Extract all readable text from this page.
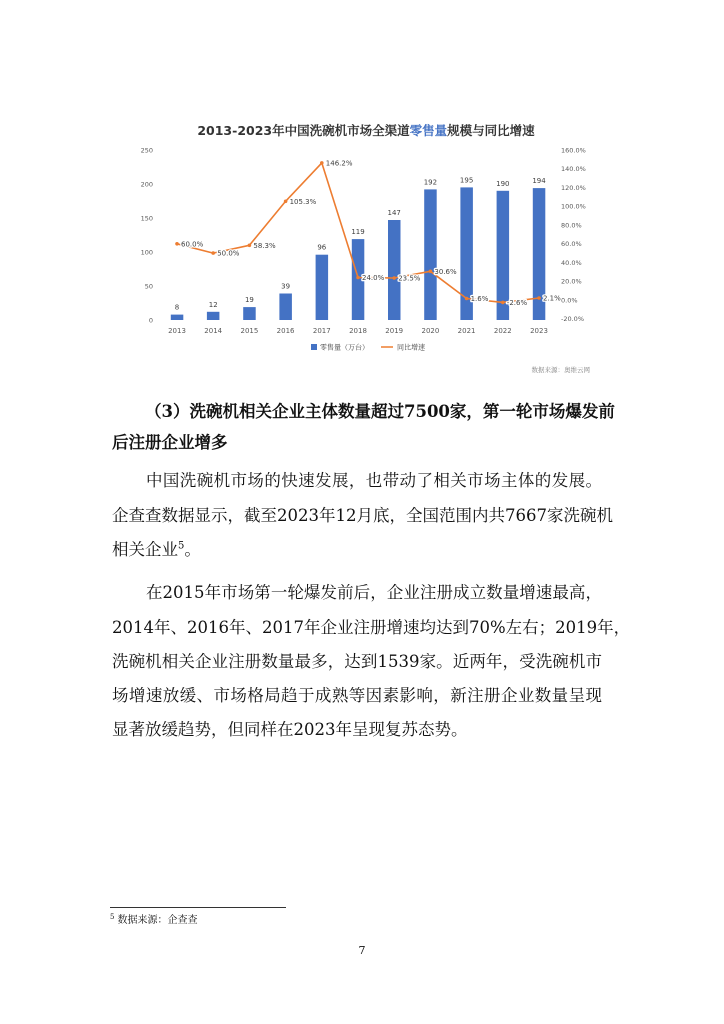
2013-2023年中国洗碗机市场全渠道零售量规模与同比增速
0
50
100
150
200
250
-20.0%
0.0%
20.0%
40.0%
60.0%
80.0%
100.0%
120.0%
140.0%
160.0%
2013	2014	2015	2016	2017	2018	2019	2020	2021	2022	2023
8	12
19
39
96
119
147
192	195	190	194
60.0%
50.0%
58.3%
105.3%
146.2%
24.0% 23.5%
30.6%
1.6%	-2.6%
2.1%
零售量（万台）	同比增速
数据来源：奥维云网
（3）洗碗机相关企业主体数量超过7500家，第一轮市场爆发前
后注册企业增多
中国洗碗机市场的快速发展，也带动了相关市场主体的发展。
企查查数据显示，截至2023年12月底，全国范围内共7667家洗碗机
相关企业$^5$。
在2015年市场第一轮爆发前后，企业注册成立数量增速最高，
2014年、2016年、2017年企业注册增速均达到70%左右；2019年，
洗碗机相关企业注册数量最多，达到1539家。近两年，受洗碗机市
场增速放缓、市场格局趋于成熟等因素影响，新注册企业数量呈现
显著放缓趋势，但同样在2023年呈现复苏态势。
$^5$ 数据来源：企查查
7
